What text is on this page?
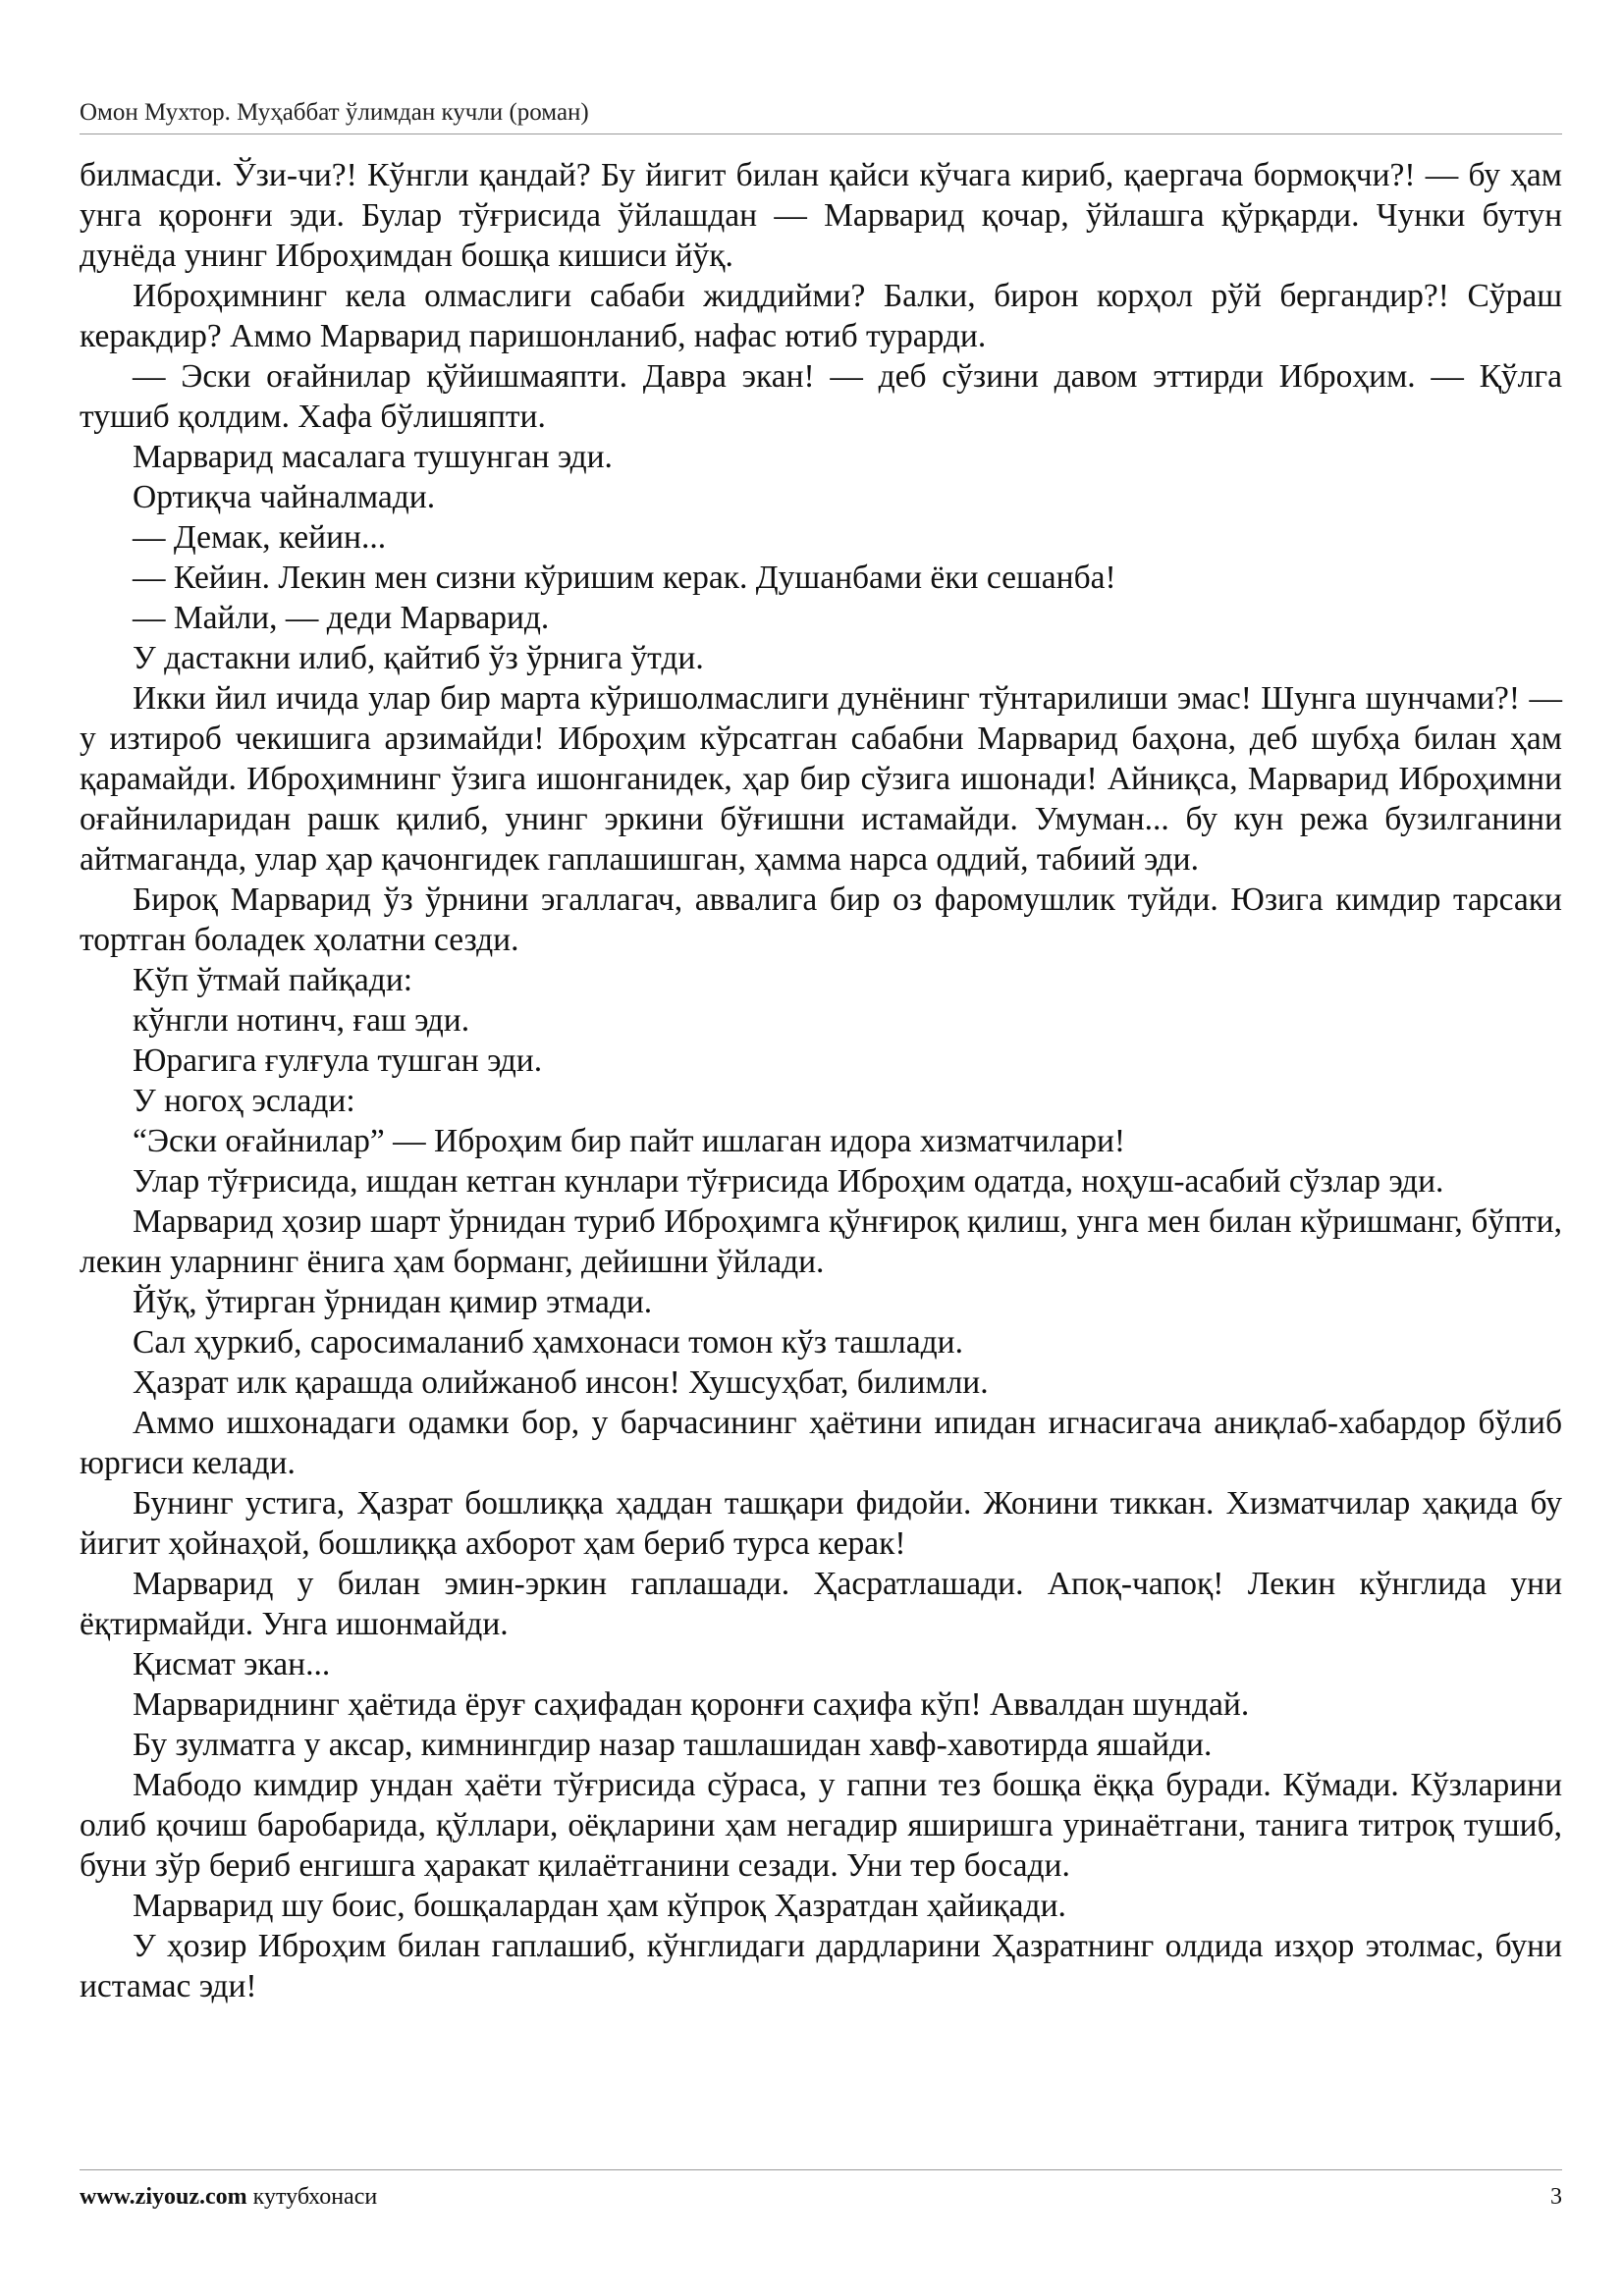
Омон Мухтор. Муҳаббат ўлимдан кучли (роман)

билмасди. Ўзи-чи?! Кўнгли қандай? Бу йигит билан қайси кўчага кириб, қаергача бормоқчи?! — бу ҳам унга қоронғи эди. Булар тўғрисида ўйлашдан — Марварид қочар, ўйлашга қўрқарди. Чунки бутун дунёда унинг Иброҳимдан бошқа кишиси йўқ.

Иброҳимнинг кела олмаслиги сабаби жиддийми? Балки, бирон корҳол рўй бергандир?! Сўраш керакдир? Аммо Марварид паришонланиб, нафас ютиб турарди.

— Эски оғайнилар қўйишмаяпти. Давра экан! — деб сўзини давом эттирди Иброҳим. — Қўлга тушиб қолдим. Хафа бўлишяпти.

Марварид масалага тушунган эди.

Ортиқча чайналмади.

— Демак, кейин...

— Кейин. Лекин мен сизни кўришим керак. Душанбами ёки сешанба!

— Майли, — деди Марварид.

У дастакни илиб, қайтиб ўз ўрнига ўтди.

Икки йил ичида улар бир марта кўришолмаслиги дунёнинг тўнтарилиши эмас! Шунга шунчами?! — у изтироб чекишига арзимайди! Иброҳим кўрсатган сабабни Марварид баҳона, деб шубҳа билан ҳам қарамайди. Иброҳимнинг ўзига ишонганидек, ҳар бир сўзига ишонади! Айниқса, Марварид Иброҳимни оғайниларидан рашк қилиб, унинг эркини бўғишни истамайди. Умуман... бу кун режа бузилганини айтмаганда, улар ҳар қачонгидек гаплашишган, ҳамма нарса оддий, табиий эди.

Бироқ Марварид ўз ўрнини эгаллагач, аввалига бир оз фаромушлик туйди. Юзига кимдир тарсаки тортган боладек ҳолатни сезди.

Кўп ўтмай пайқади:

кўнгли нотинч, ғаш эди.

Юрагига ғулғула тушган эди.

У ногоҳ эслади:

“Эски оғайнилар” — Иброҳим бир пайт ишлаган идора хизматчилари!

Улар тўғрисида, ишдан кетган кунлари тўғрисида Иброҳим одатда, ноҳуш-асабий сўзлар эди.

Марварид ҳозир шарт ўрнидан туриб Иброҳимга қўнғироқ қилиш, унга мен билан кўришманг, бўпти, лекин уларнинг ёнига ҳам борманг, дейишни ўйлади.

Йўқ, ўтирган ўрнидан қимир этмади.

Сал ҳуркиб, саросималаниб ҳамхонаси томон кўз ташлади.

Ҳазрат илк қарашда олийжаноб инсон! Хушсуҳбат, билимли.

Аммо ишхонадаги одамки бор, у барчасининг ҳаётини ипидан игнасигача аниқлаб-хабардор бўлиб юргиси келади.

Бунинг устига, Ҳазрат бошлиққа ҳаддан ташқари фидойи. Жонини тиккан. Хизматчилар ҳақида бу йигит ҳойнаҳой, бошлиққа ахборот ҳам бериб турса керак!

Марварид у билан эмин-эркин гаплашади. Ҳасратлашади. Апоқ-чапоқ! Лекин кўнглида уни ёқтирмайди. Унга ишонмайди.

Қисмат экан...

Марвариднинг ҳаётида ёруғ саҳифадан қоронғи саҳифа кўп! Аввалдан шундай.

Бу зулматга у аксар, кимнингдир назар ташлашидан хавф-хавотирда яшайди.

Мабодо кимдир ундан ҳаёти тўғрисида сўраса, у гапни тез бошқа ёққа буради. Кўмади. Кўзларини олиб қочиш баробарида, қўллари, оёқларини ҳам негадир яширишга уринаётгани, танига титроқ тушиб, буни зўр бериб енгишга ҳаракат қилаётганини сезади. Уни тер босади.

Марварид шу боис, бошқалардан ҳам кўпроқ Ҳазратдан ҳайиқади.

У ҳозир Иброҳим билан гаплашиб, кўнглидаги дардларини Ҳазратнинг олдида изҳор этолмас, буни истамас эди!

www.ziyouz.com кутубхонаси	3
